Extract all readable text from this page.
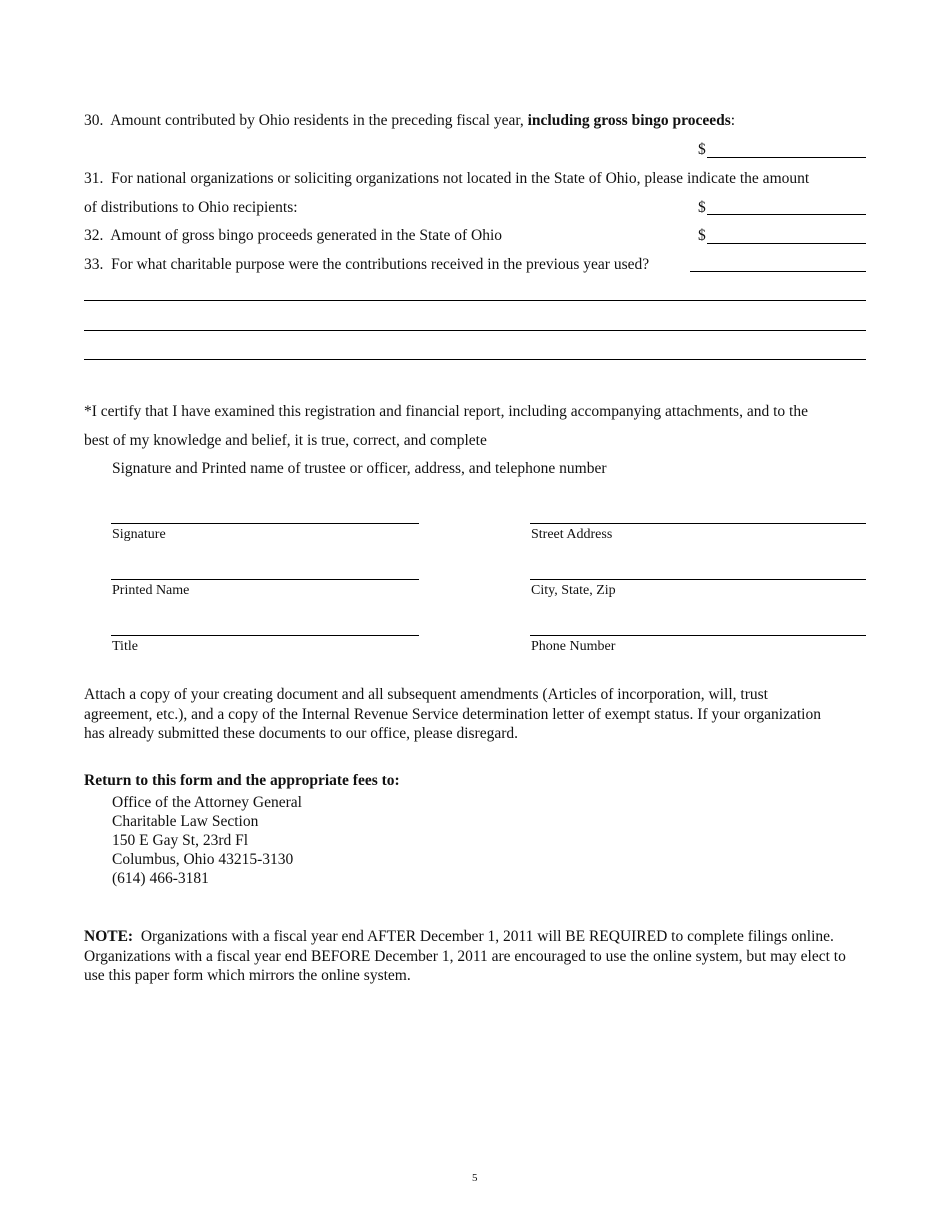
30. Amount contributed by Ohio residents in the preceding fiscal year, including gross bingo proceeds:
$
31. For national organizations or soliciting organizations not located in the State of Ohio, please indicate the amount
of distributions to Ohio recipients:	$
32. Amount of gross bingo proceeds generated in the State of Ohio	$
33. For what charitable purpose were the contributions received in the previous year used?
*I certify that I have examined this registration and financial report, including accompanying attachments, and to the
best of my knowledge and belief, it is true, correct, and complete
Signature and Printed name of trustee or officer, address, and telephone number
Signature
Printed Name
Title
Street Address
City, State, Zip
Phone Number
Attach a copy of your creating document and all subsequent amendments (Articles of incorporation, will, trust agreement, etc.), and a copy of the Internal Revenue Service determination letter of exempt status. If your organization has already submitted these documents to our office, please disregard.
Return to this form and the appropriate fees to:
Office of the Attorney General
Charitable Law Section
150 E Gay St, 23rd Fl
Columbus, Ohio 43215-3130
(614) 466-3181
NOTE: Organizations with a fiscal year end AFTER December 1, 2011 will BE REQUIRED to complete filings online. Organizations with a fiscal year end BEFORE December 1, 2011 are encouraged to use the online system, but may elect to use this paper form which mirrors the online system.
5
